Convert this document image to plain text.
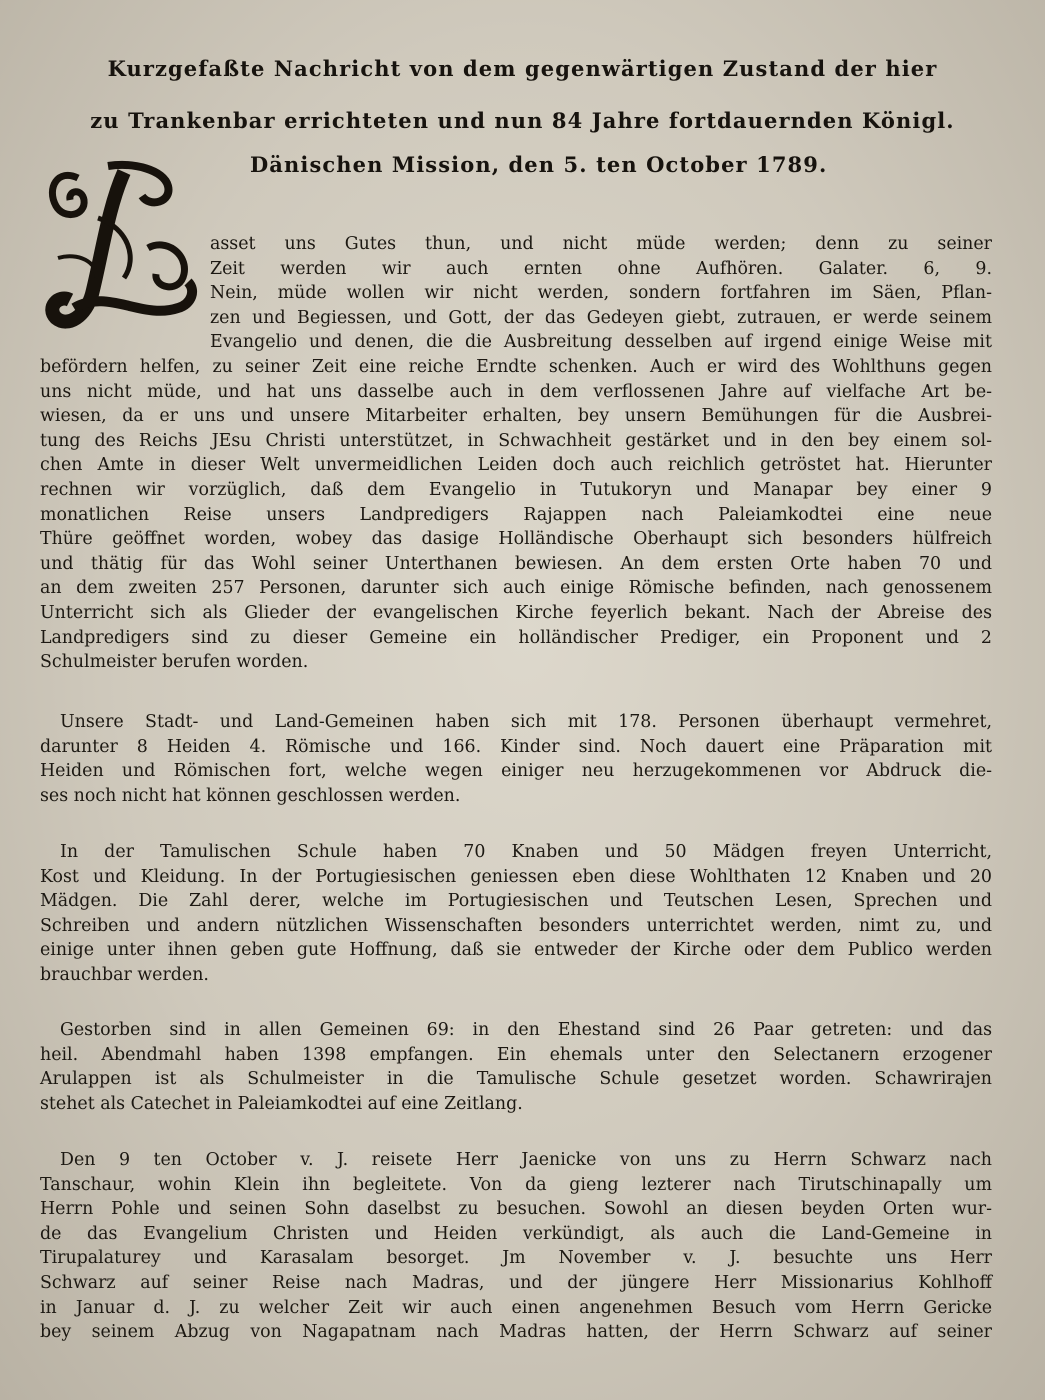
Kurzgefaßte Nachricht von dem gegenwärtigen Zustand der hier
zu Trankenbar errichteten und nun 84 Jahre fortdauernden Königl.
Dänischen Mission, den 5. ten October 1789.
asset uns Gutes thun, und nicht müde werden; denn zu seiner
Zeit werden wir auch ernten ohne Aufhören. Galater. 6, 9.
Nein, müde wollen wir nicht werden, sondern fortfahren im Säen, Pflan-
zen und Begiessen, und Gott, der das Gedeyen giebt, zutrauen, er werde seinem
Evangelio und denen, die die Ausbreitung desselben auf irgend einige Weise mit
befördern helfen, zu seiner Zeit eine reiche Erndte schenken. Auch er wird des Wohlthuns gegen
uns nicht müde, und hat uns dasselbe auch in dem verflossenen Jahre auf vielfache Art be-
wiesen, da er uns und unsere Mitarbeiter erhalten, bey unsern Bemühungen für die Ausbrei-
tung des Reichs JEsu Christi unterstützet, in Schwachheit gestärket und in den bey einem sol-
chen Amte in dieser Welt unvermeidlichen Leiden doch auch reichlich getröstet hat. Hierunter
rechnen wir vorzüglich, daß dem Evangelio in Tutukoryn und Manapar bey einer 9
monatlichen Reise unsers Landpredigers Rajappen nach Paleiamkodtei eine neue
Thüre geöffnet worden, wobey das dasige Holländische Oberhaupt sich besonders hülfreich
und thätig für das Wohl seiner Unterthanen bewiesen. An dem ersten Orte haben 70 und
an dem zweiten 257 Personen, darunter sich auch einige Römische befinden, nach genossenem
Unterricht sich als Glieder der evangelischen Kirche feyerlich bekant. Nach der Abreise des
Landpredigers sind zu dieser Gemeine ein holländischer Prediger, ein Proponent und 2
Schulmeister berufen worden.
Unsere Stadt- und Land-Gemeinen haben sich mit 178. Personen überhaupt vermehret,
darunter 8 Heiden 4. Römische und 166. Kinder sind. Noch dauert eine Präparation mit
Heiden und Römischen fort, welche wegen einiger neu herzugekommenen vor Abdruck die-
ses noch nicht hat können geschlossen werden.
In der Tamulischen Schule haben 70 Knaben und 50 Mädgen freyen Unterricht,
Kost und Kleidung. In der Portugiesischen geniessen eben diese Wohlthaten 12 Knaben und 20
Mädgen. Die Zahl derer, welche im Portugiesischen und Teutschen Lesen, Sprechen und
Schreiben und andern nützlichen Wissenschaften besonders unterrichtet werden, nimt zu, und
einige unter ihnen geben gute Hoffnung, daß sie entweder der Kirche oder dem Publico werden
brauchbar werden.
Gestorben sind in allen Gemeinen 69: in den Ehestand sind 26 Paar getreten: und das
heil. Abendmahl haben 1398 empfangen. Ein ehemals unter den Selectanern erzogener
Arulappen ist als Schulmeister in die Tamulische Schule gesetzet worden. Schawrirajen
stehet als Catechet in Paleiamkodtei auf eine Zeitlang.
Den 9 ten October v. J. reisete Herr Jaenicke von uns zu Herrn Schwarz nach
Tanschaur, wohin Klein ihn begleitete. Von da gieng lezterer nach Tirutschinapally um
Herrn Pohle und seinen Sohn daselbst zu besuchen. Sowohl an diesen beyden Orten wur-
de das Evangelium Christen und Heiden verkündigt, als auch die Land-Gemeine in
Tirupalaturey und Karasalam besorget. Jm November v. J. besuchte uns Herr
Schwarz auf seiner Reise nach Madras, und der jüngere Herr Missionarius Kohlhoff
in Januar d. J. zu welcher Zeit wir auch einen angenehmen Besuch vom Herrn Gericke
bey seinem Abzug von Nagapatnam nach Madras hatten, der Herrn Schwarz auf seiner
